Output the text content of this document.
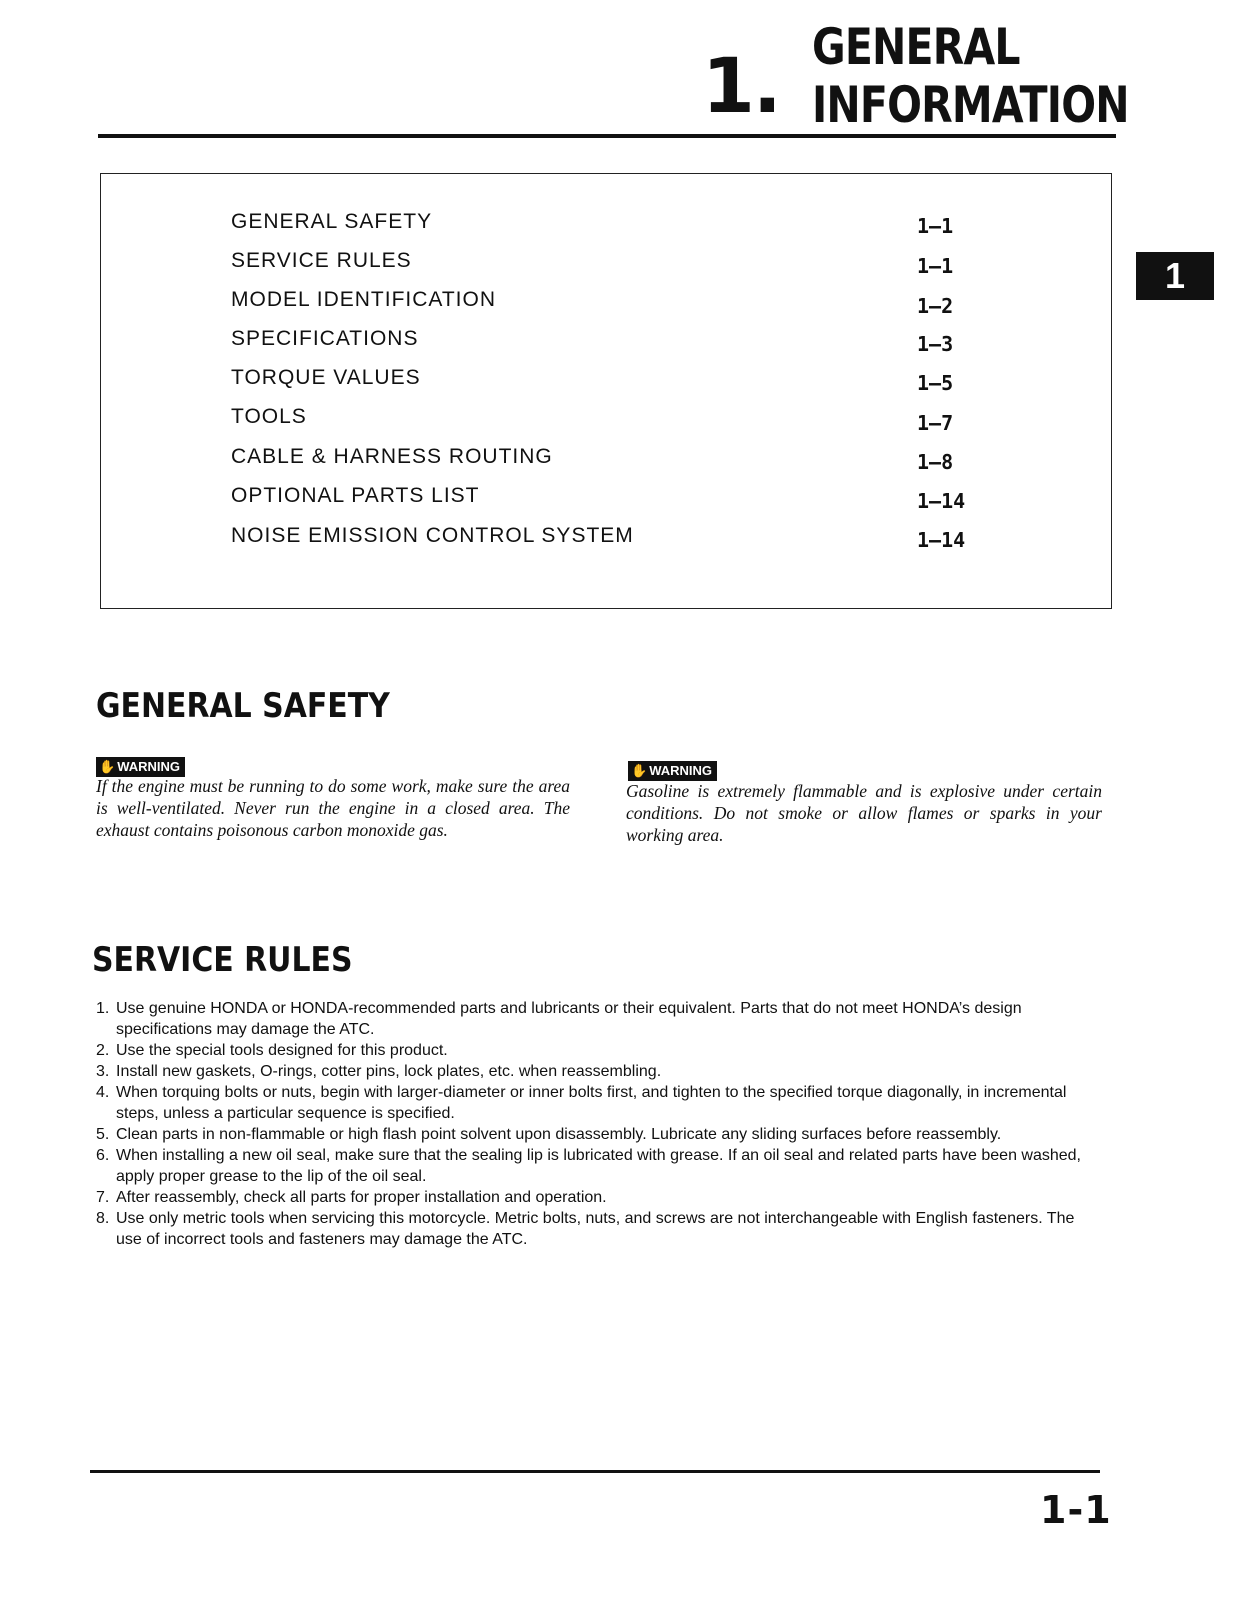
1. GENERAL
INFORMATION
1
GENERAL SAFETY	1–1
SERVICE RULES	1–1
MODEL IDENTIFICATION	1–2
SPECIFICATIONS	1–3
TORQUE VALUES	1–5
TOOLS	1–7
CABLE & HARNESS ROUTING	1–8
OPTIONAL PARTS LIST	1–14
NOISE EMISSION CONTROL SYSTEM	1–14
GENERAL SAFETY
✋ WARNING
If the engine must be running to do some work, make sure the area is well-ventilated. Never run the engine in a closed area. The exhaust contains poisonous carbon monoxide gas.
✋ WARNING
Gasoline is extremely flammable and is explosive under certain conditions. Do not smoke or allow flames or sparks in your working area.
SERVICE RULES
1. Use genuine HONDA or HONDA-recommended parts and lubricants or their equivalent. Parts that do not meet HONDA’s design specifications may damage the ATC.
2. Use the special tools designed for this product.
3. Install new gaskets, O-rings, cotter pins, lock plates, etc. when reassembling.
4. When torquing bolts or nuts, begin with larger-diameter or inner bolts first, and tighten to the specified torque diagonally, in incremental steps, unless a particular sequence is specified.
5. Clean parts in non-flammable or high flash point solvent upon disassembly. Lubricate any sliding surfaces before reassembly.
6. When installing a new oil seal, make sure that the sealing lip is lubricated with grease. If an oil seal and related parts have been washed, apply proper grease to the lip of the oil seal.
7. After reassembly, check all parts for proper installation and operation.
8. Use only metric tools when servicing this motorcycle. Metric bolts, nuts, and screws are not interchangeable with English fasteners. The use of incorrect tools and fasteners may damage the ATC.
1-1
